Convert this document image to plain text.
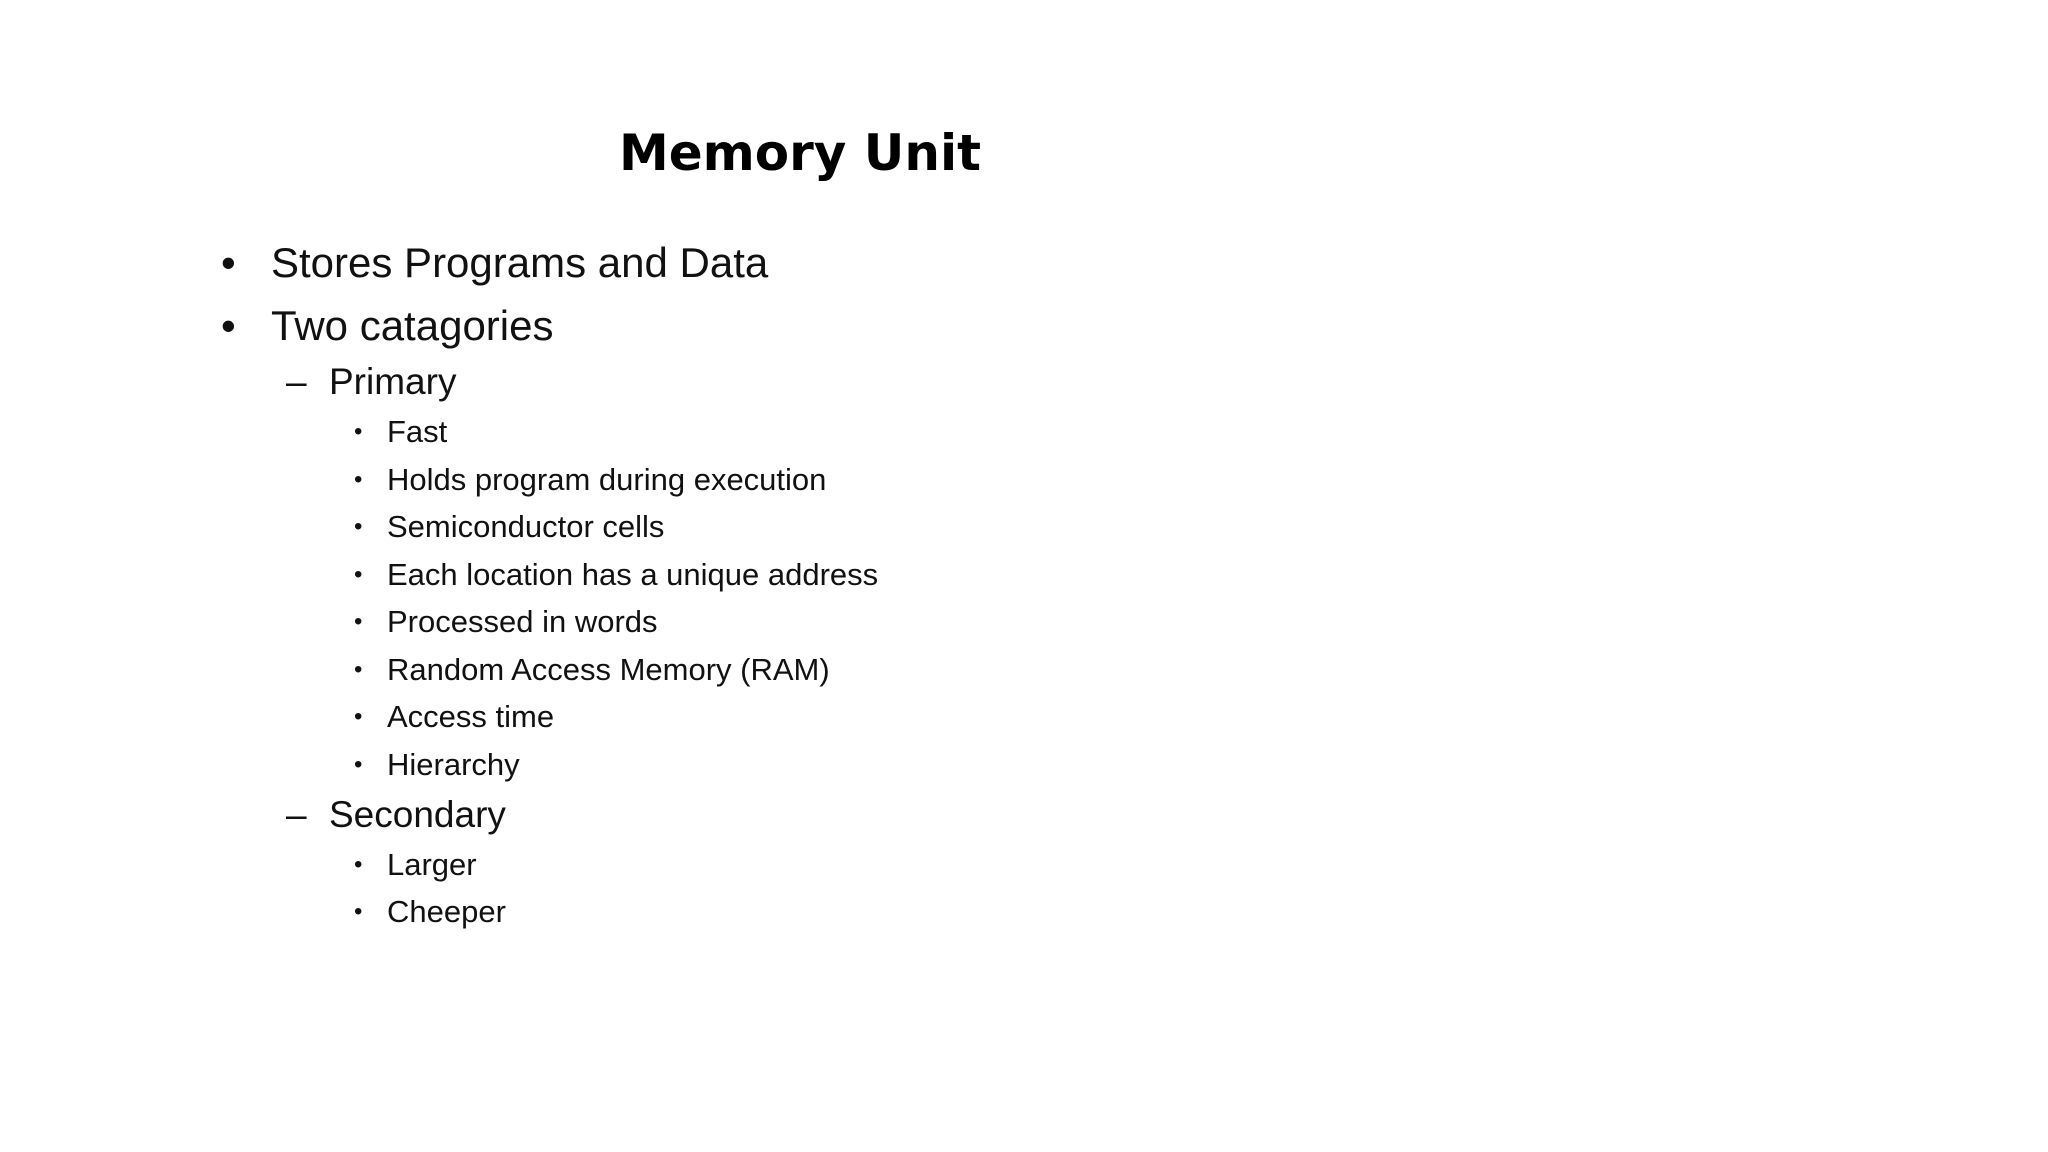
Memory Unit
• Stores Programs and Data
• Two catagories
– Primary
• Fast
• Holds program during execution
• Semiconductor cells
• Each location has a unique address
• Processed in words
• Random Access Memory (RAM)
• Access time
• Hierarchy
– Secondary
• Larger
• Cheeper
